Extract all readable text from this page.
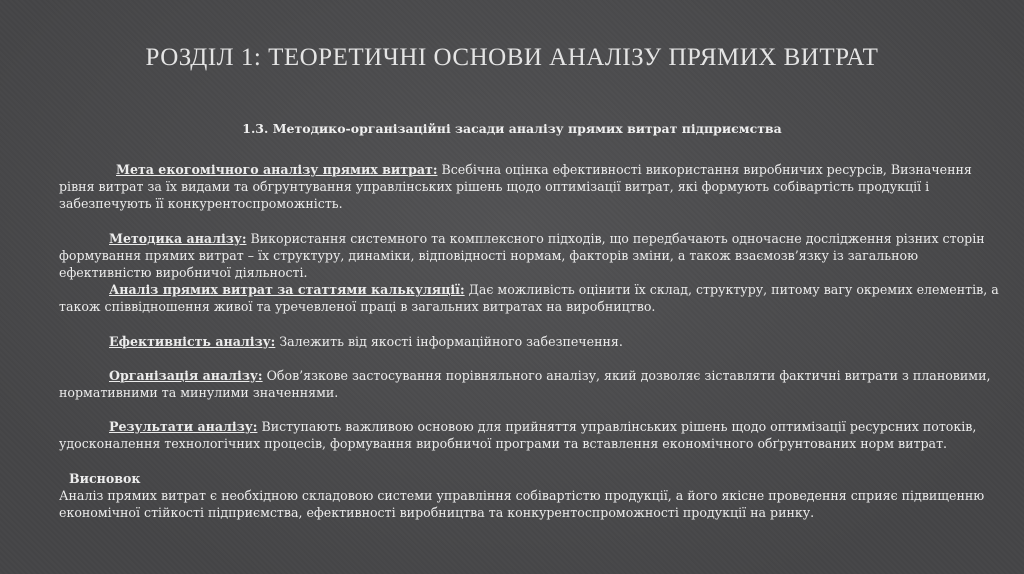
РОЗДІЛ 1: ТЕОРЕТИЧНІ ОСНОВИ АНАЛІЗУ ПРЯМИХ ВИТРАТ

1.3. Методико-організаційні засади аналізу прямих витрат підприємства

Мета екогомічного аналізу прямих витрат: Всебічна оцінка ефективності використання виробничих ресурсів, Визначення рівня витрат за їх видами та обгрунтування управлінських рішень щодо оптимізації витрат, які формують собівартість продукції і забезпечують її конкурентоспроможність.

Методика аналізу: Використання системного та комплексного підходів, що передбачають одночасне дослідження різних сторін формування прямих витрат – їх структуру, динаміки, відповідності нормам, факторів зміни, а також взаємозв’язку із загальною ефективністю виробничої діяльності.

Аналіз прямих витрат за статтями калькуляції: Дає можливість оцінити їх склад, структуру, питому вагу окремих елементів, а також співвідношення живої та уречевленої праці в загальних витратах на виробництво.

Ефективність аналізу: Залежить від якості інформаційного забезпечення.

Організація аналізу: Обов’язкове застосування порівняльного аналізу, який дозволяє зіставляти фактичні витрати з плановими, нормативними та минулими значеннями.

Результати аналізу: Виступають важливою основою для прийняття управлінських рішень щодо оптимізації ресурсних потоків, удосконалення технологічних процесів, формування виробничої програми та вставлення економічного обґрунтованих норм витрат.

Висновок

Аналіз прямих витрат є необхідною складовою системи управління собівартістю продукції, а його якісне проведення сприяє підвищенню економічної стійкості підприємства, ефективності виробництва та конкурентоспроможності продукції на ринку.
